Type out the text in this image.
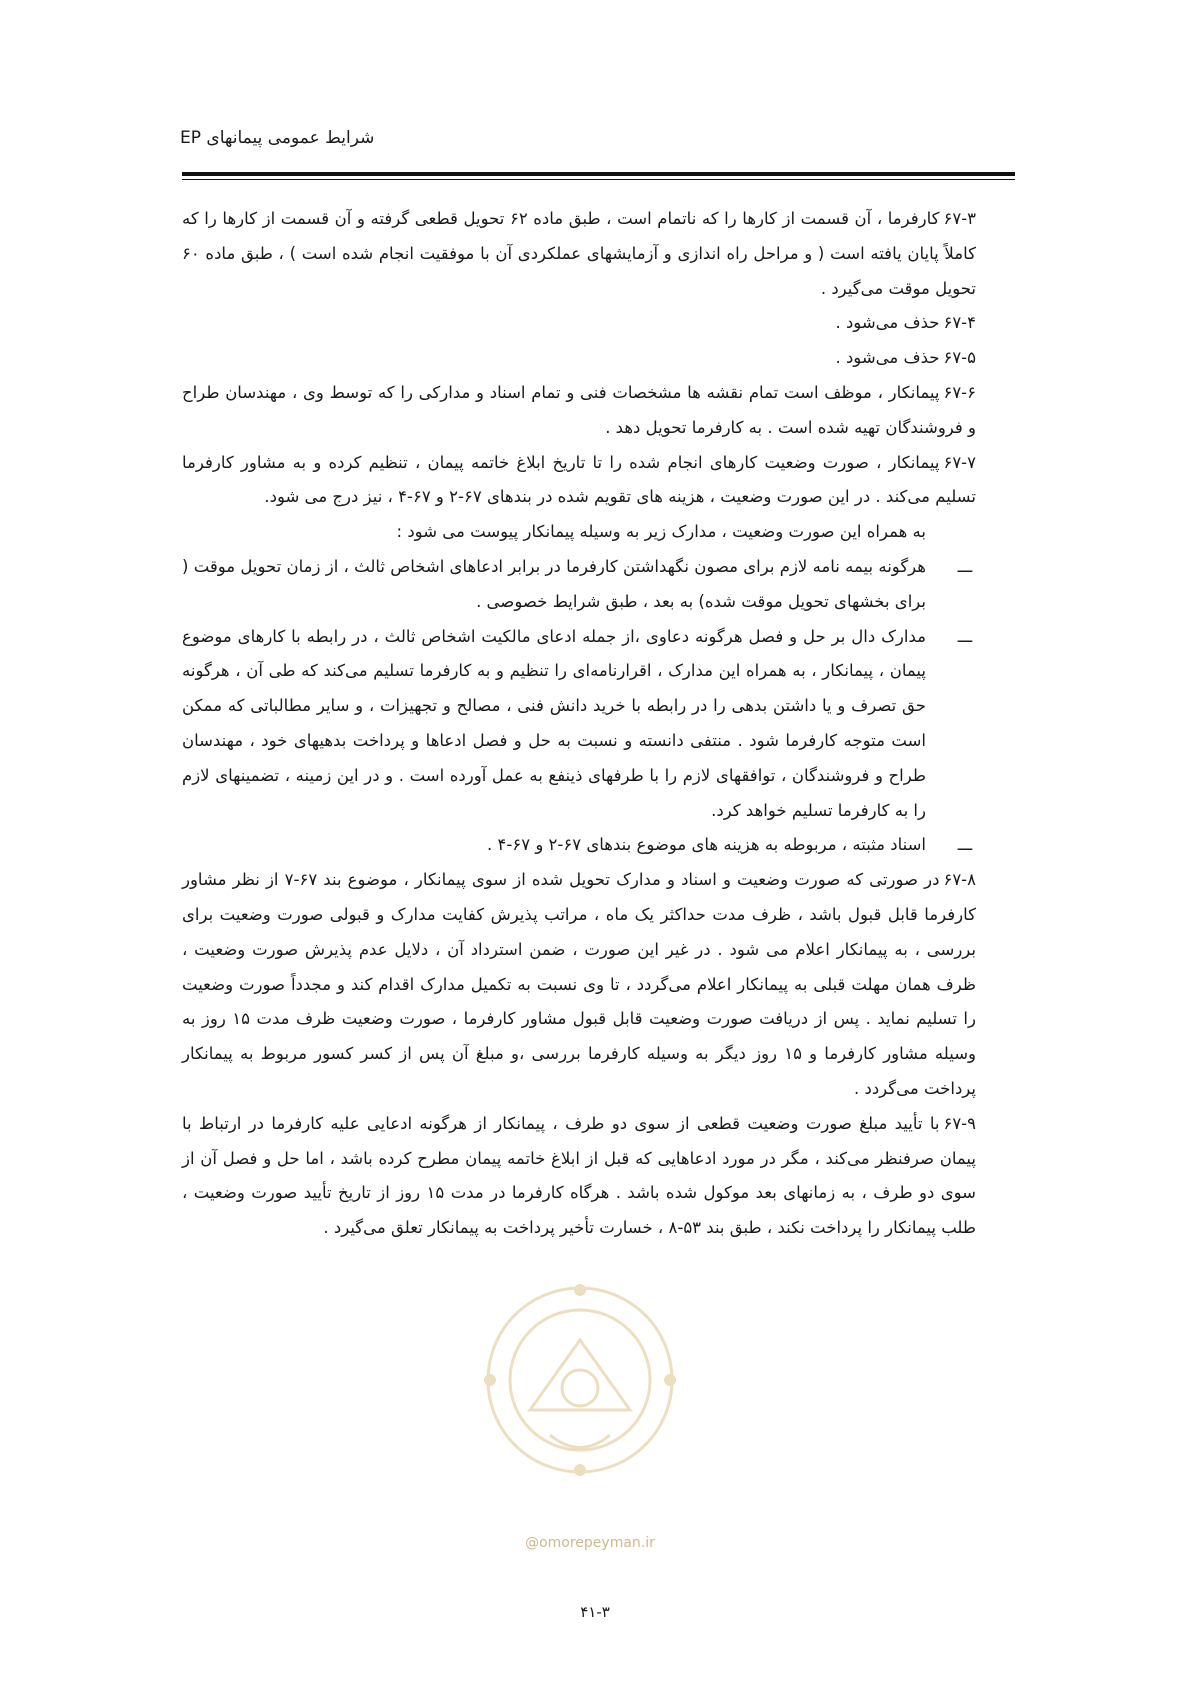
شرایط عمومی پیمانهای EP
۶۷-۳کارفرما ، آن قسمت از کارها را که ناتمام است ، طبق ماده ۶۲ تحویل قطعی گرفته و آن قسمت از کارها را که کاملاً پایان یافته است ( و مراحل راه اندازی و آزمایشهای عملکردی آن با موفقیت انجام شده است ) ، طبق ماده ۶۰ تحویل موقت می‌گیرد .
۶۷-۴حذف می‌شود .
۶۷-۵حذف می‌شود .
۶۷-۶پیمانکار ، موظف است تمام نقشه ها مشخصات فنی و تمام اسناد و مدارکی را که توسط وی ، مهندسان طراح و فروشندگان تهیه شده است . به کارفرما تحویل دهد .
۶۷-۷پیمانکار ، صورت وضعیت کارهای انجام شده را تا تاریخ ابلاغ خاتمه پیمان ، تنظیم کرده و به مشاور کارفرما تسلیم می‌کند . در این صورت وضعیت ، هزینه های تقویم شده در بندهای ۶۷-۲ و ۶۷-۴ ، نیز درج می شود.
به همراه این صورت وضعیت ، مدارک زیر به وسیله پیمانکار پیوست می شود :
ـــ
هرگونه بیمه نامه لازم برای مصون نگهداشتن کارفرما در برابر ادعاهای اشخاص ثالث ، از زمان تحویل موقت ( برای بخشهای تحویل موقت شده) به بعد ، طبق شرایط خصوصی .
ـــ
مدارک دال بر حل و فصل هرگونه دعاوی ،از جمله ادعای مالکیت اشخاص ثالث ، در رابطه با کارهای موضوع پیمان ، پیمانکار ، به همراه این مدارک ، اقرارنامه‌ای را تنظیم و به کارفرما تسلیم می‌کند که طی آن ، هرگونه حق تصرف و یا داشتن بدهی را در رابطه با خرید دانش فنی ، مصالح و تجهیزات ، و سایر مطالباتی که ممکن است متوجه کارفرما شود . منتفی دانسته و نسبت به حل و فصل ادعاها و پرداخت بدهیهای خود ، مهندسان طراح و فروشندگان ، توافقهای لازم را با طرفهای ذینفع به عمل آورده است . و در این زمینه ، تضمینهای لازم را به کارفرما تسلیم خواهد کرد.
ـــ
اسناد مثبته ، مربوطه به هزینه های موضوع بندهای ۶۷-۲ و ۶۷-۴ .
۶۷-۸در صورتی که صورت وضعیت و اسناد و مدارک تحویل شده از سوی پیمانکار ، موضوع بند ۶۷-۷ از نظر مشاور کارفرما قابل قبول باشد ، ظرف مدت حداکثر یک ماه ، مراتب پذیرش کفایت مدارک و قبولی صورت وضعیت برای بررسی ، به پیمانکار اعلام می شود . در غیر این صورت ، ضمن استرداد آن ، دلایل عدم پذیرش صورت وضعیت ، ظرف همان مهلت قبلی به پیمانکار اعلام می‌گردد ، تا وی نسبت به تکمیل مدارک اقدام کند و مجدداً صورت وضعیت را تسلیم نماید . پس از دریافت صورت وضعیت قابل قبول مشاور کارفرما ، صورت وضعیت ظرف مدت ۱۵ روز به وسیله مشاور کارفرما و ۱۵ روز دیگر به وسیله کارفرما بررسی ،و مبلغ آن پس از کسر کسور مربوط به پیمانکار پرداخت می‌گردد .
۶۷-۹با تأیید مبلغ صورت وضعیت قطعی از سوی دو طرف ، پیمانکار از هرگونه ادعایی علیه کارفرما در ارتباط با پیمان صرفنظر می‌کند ، مگر در مورد ادعاهایی که قبل از ابلاغ خاتمه پیمان مطرح کرده باشد ، اما حل و فصل آن از سوی دو طرف ، به زمانهای بعد موکول شده باشد . هرگاه کارفرما در مدت ۱۵ روز از تاریخ تأیید صورت وضعیت ، طلب پیمانکار را پرداخت نکند ، طبق بند ۵۳-۸ ، خسارت تأخیر پرداخت به پیمانکار تعلق می‌گیرد .
@omorepeyman.ir
۴۱-۳
